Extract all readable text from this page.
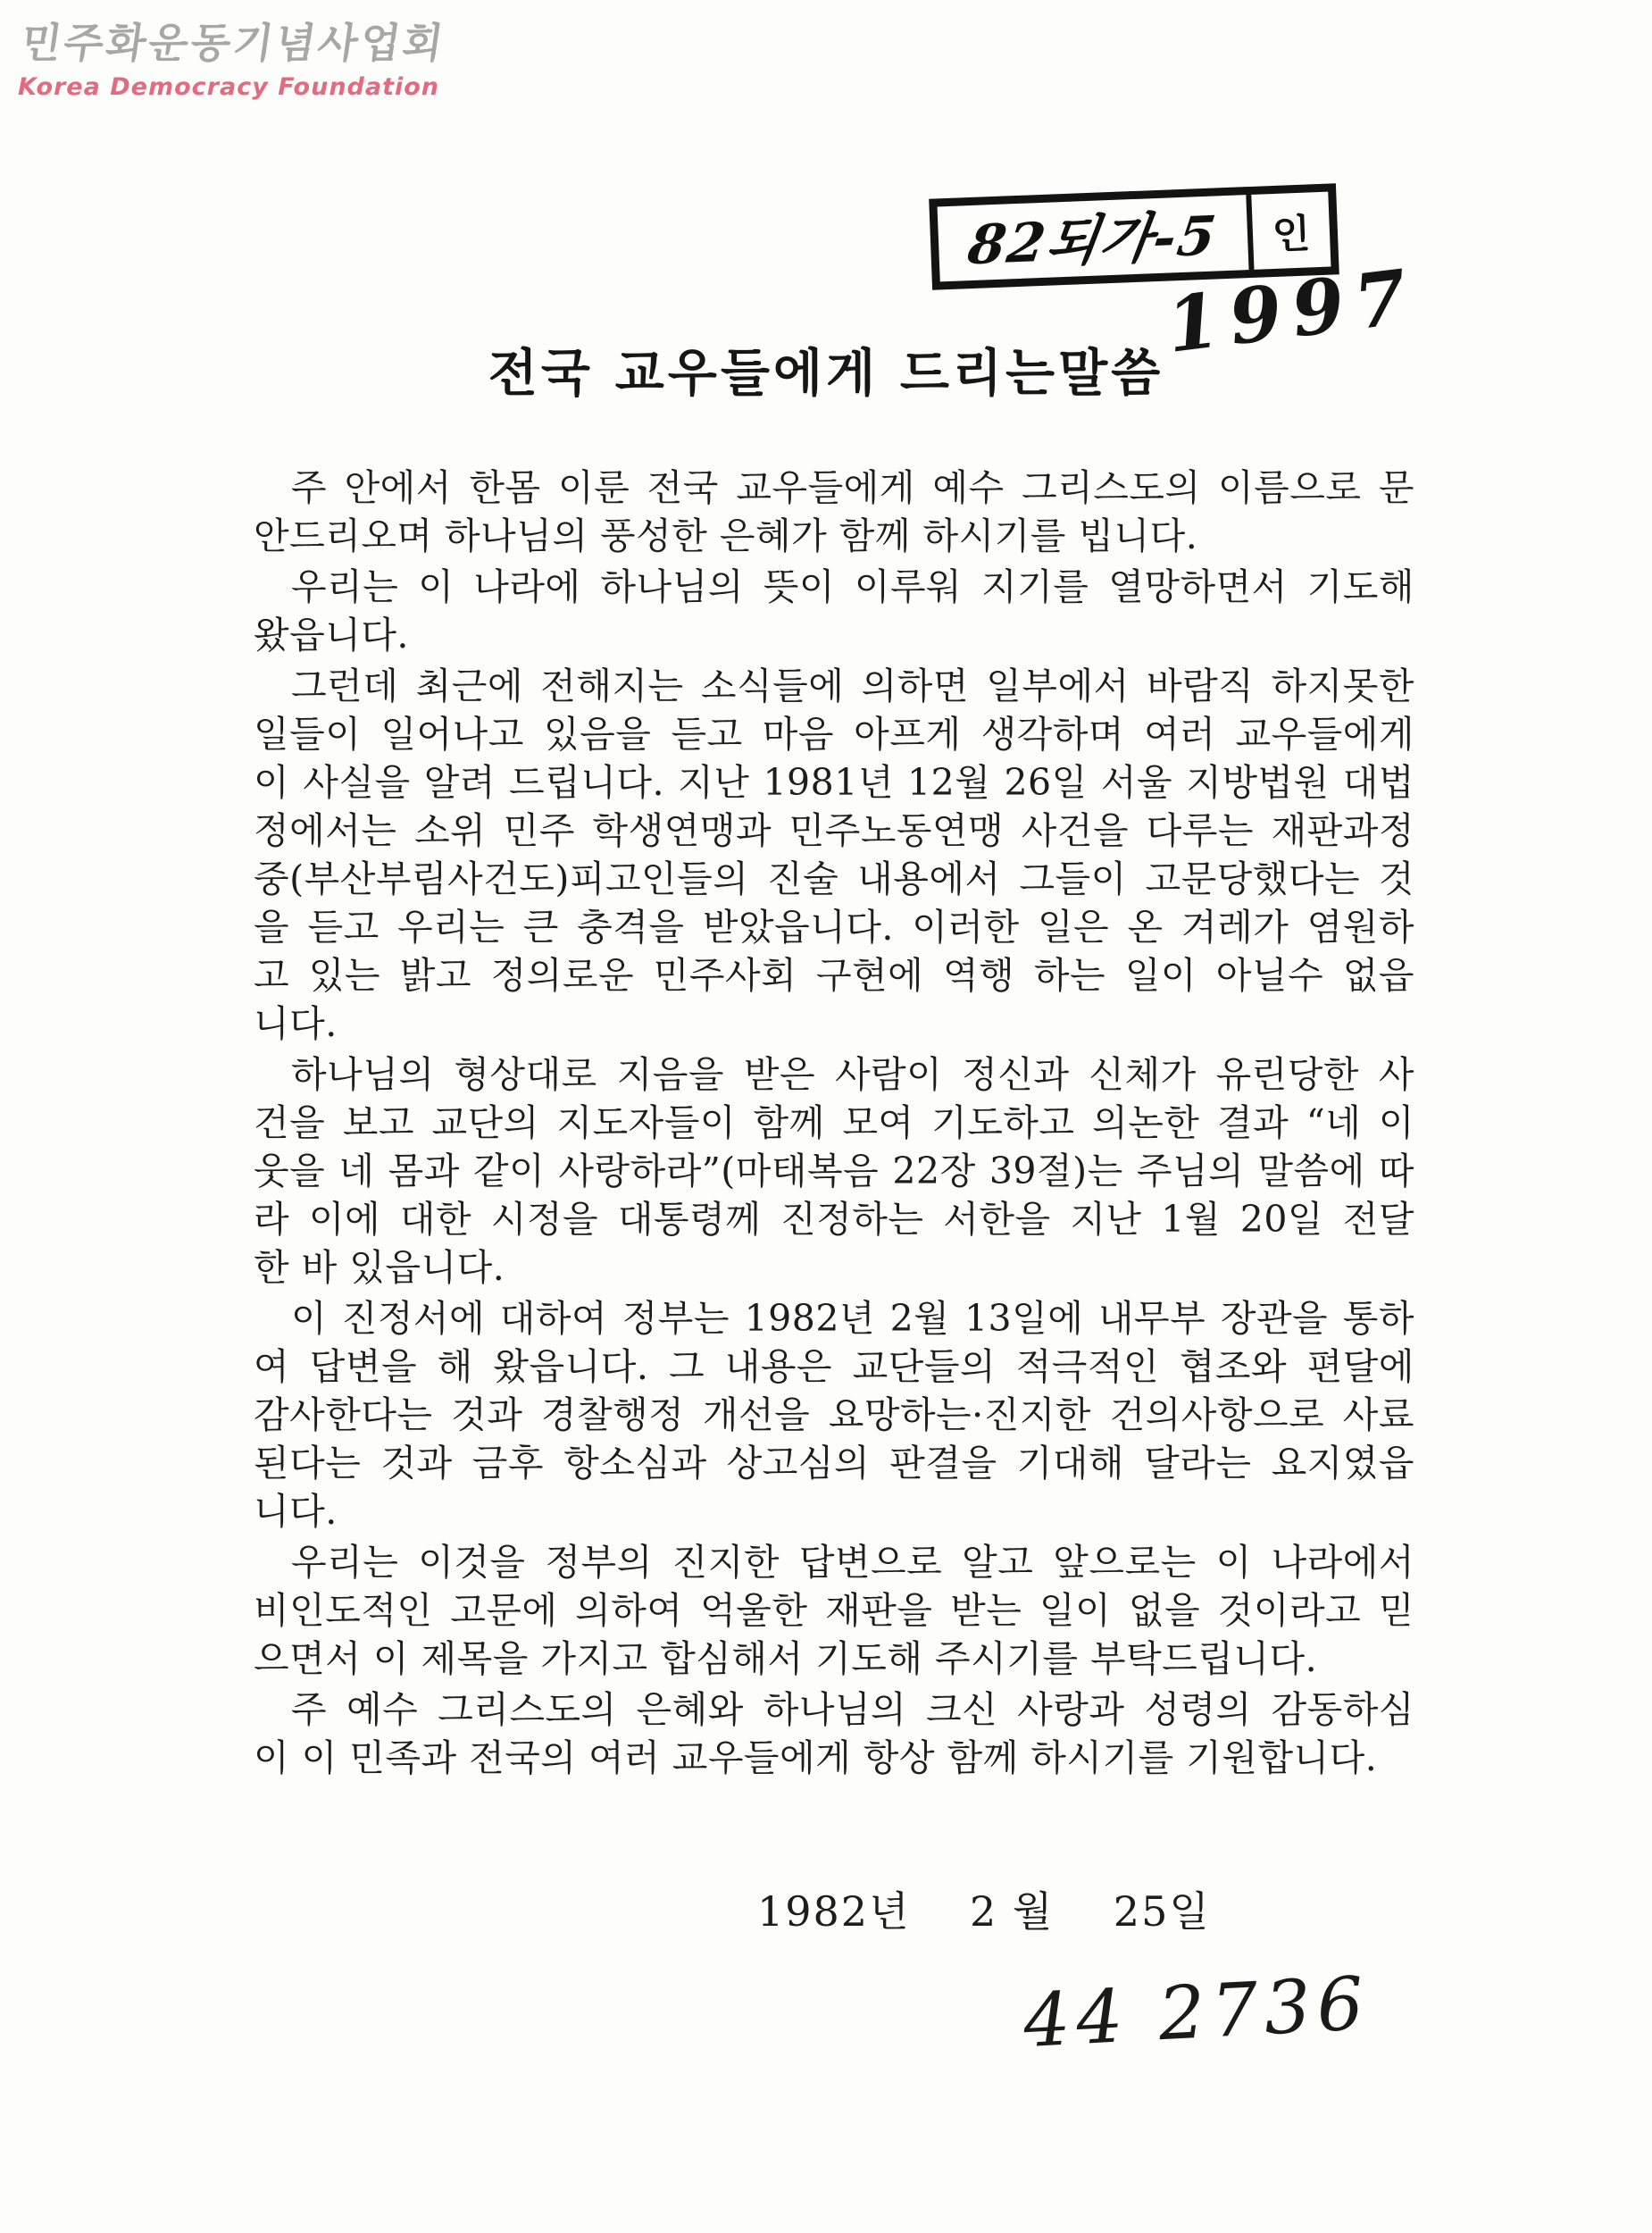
민주화운동기념사업회
Korea Democracy Foundation
82되가-5	인
1997
전국 교우들에게 드리는말씀
주 안에서 한몸 이룬 전국 교우들에게 예수 그리스도의 이름으로 문
안드리오며 하나님의 풍성한 은혜가 함께 하시기를 빕니다.
우리는 이 나라에 하나님의 뜻이 이루워 지기를 열망하면서 기도해
왔읍니다.
그런데 최근에 전해지는 소식들에 의하면 일부에서 바람직 하지못한
일들이 일어나고 있음을 듣고 마음 아프게 생각하며 여러 교우들에게
이 사실을 알려 드립니다. 지난 1981년 12월 26일 서울 지방법원 대법
정에서는 소위 민주 학생연맹과 민주노동연맹 사건을 다루는 재판과정
중(부산부림사건도)피고인들의 진술 내용에서 그들이 고문당했다는 것
을 듣고 우리는 큰 충격을 받았읍니다. 이러한 일은 온 겨레가 염원하
고 있는 밝고 정의로운 민주사회 구현에 역행 하는 일이 아닐수 없읍
니다.
하나님의 형상대로 지음을 받은 사람이 정신과 신체가 유린당한 사
건을 보고 교단의 지도자들이 함께 모여 기도하고 의논한 결과 “네 이
웃을 네 몸과 같이 사랑하라”(마태복음 22장 39절)는 주님의 말씀에 따
라 이에 대한 시정을 대통령께 진정하는 서한을 지난 1월 20일 전달
한 바 있읍니다.
이 진정서에 대하여 정부는 1982년 2월 13일에 내무부 장관을 통하
여 답변을 해 왔읍니다. 그 내용은 교단들의 적극적인 협조와 편달에
감사한다는 것과 경찰행정 개선을 요망하는·진지한 건의사항으로 사료
된다는 것과 금후 항소심과 상고심의 판결을 기대해 달라는 요지였읍
니다.
우리는 이것을 정부의 진지한 답변으로 알고 앞으로는 이 나라에서
비인도적인 고문에 의하여 억울한 재판을 받는 일이 없을 것이라고 믿
으면서 이 제목을 가지고 합심해서 기도해 주시기를 부탁드립니다.
주 예수 그리스도의 은혜와 하나님의 크신 사랑과 성령의 감동하심
이 이 민족과 전국의 여러 교우들에게 항상 함께 하시기를 기원합니다.
1982년    2 월    25일
44 2736
